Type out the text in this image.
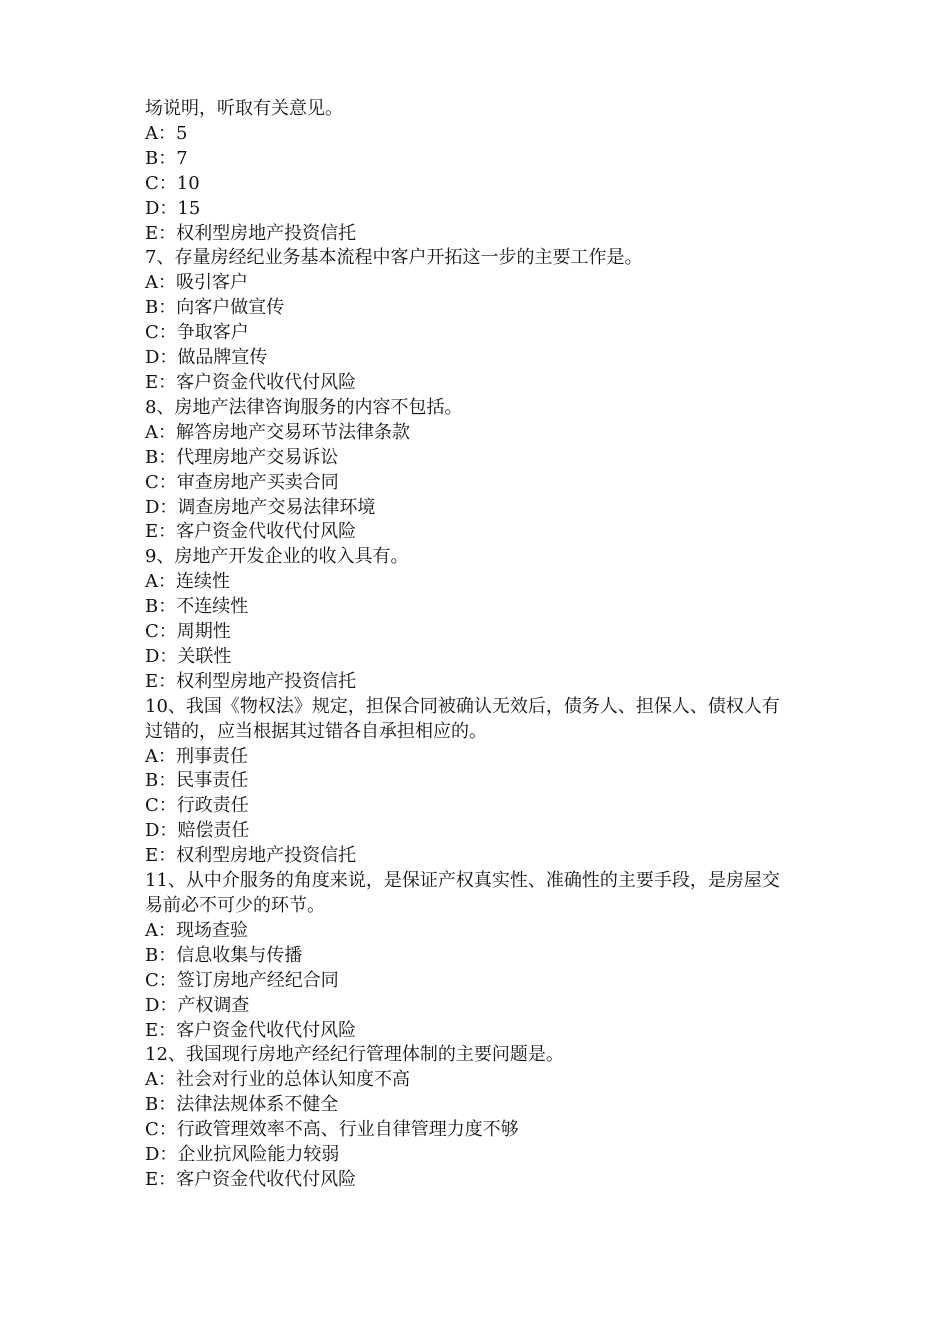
场说明，听取有关意见。
A：5
B：7
C：10
D：15
E：权利型房地产投资信托
7、存量房经纪业务基本流程中客户开拓这一步的主要工作是。
A：吸引客户
B：向客户做宣传
C：争取客户
D：做品牌宣传
E：客户资金代收代付风险
8、房地产法律咨询服务的内容不包括。
A：解答房地产交易环节法律条款
B：代理房地产交易诉讼
C：审查房地产买卖合同
D：调查房地产交易法律环境
E：客户资金代收代付风险
9、房地产开发企业的收入具有。
A：连续性
B：不连续性
C：周期性
D：关联性
E：权利型房地产投资信托
10、我国《物权法》规定，担保合同被确认无效后，债务人、担保人、债权人有
过错的，应当根据其过错各自承担相应的。
A：刑事责任
B：民事责任
C：行政责任
D：赔偿责任
E：权利型房地产投资信托
11、从中介服务的角度来说，是保证产权真实性、准确性的主要手段，是房屋交
易前必不可少的环节。
A：现场查验
B：信息收集与传播
C：签订房地产经纪合同
D：产权调查
E：客户资金代收代付风险
12、我国现行房地产经纪行管理体制的主要问题是。
A：社会对行业的总体认知度不高
B：法律法规体系不健全
C：行政管理效率不高、行业自律管理力度不够
D：企业抗风险能力较弱
E：客户资金代收代付风险
